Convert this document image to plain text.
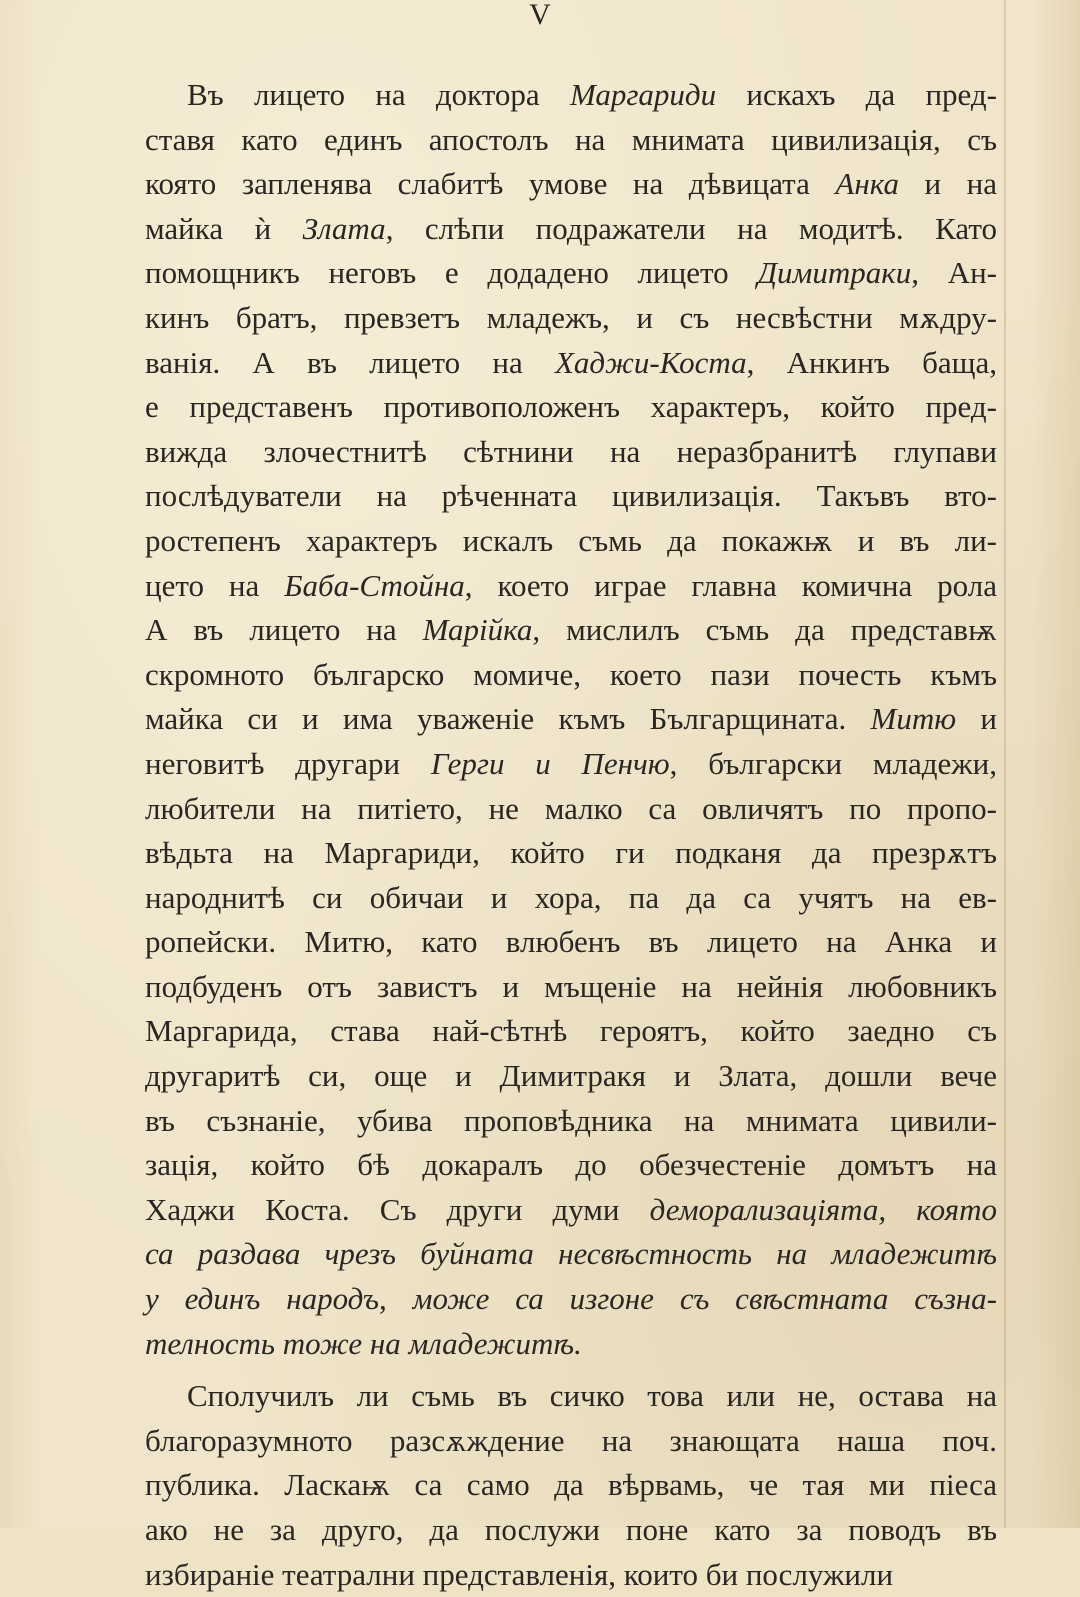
V
Въ лицето на доктора Маргариди искахъ да пред-
ставя като единъ апостолъ на мнимата цивилизація, съ
която запленява слабитѣ умове на дѣвицата Анка и на
майка ѝ Злата, слѣпи подражатели на модитѣ. Като
помощникъ неговъ е додадено лицето Димитраки, Ан-
кинъ братъ, превзетъ младежъ, и съ несвѣстни мѫдру-
ванія. А въ лицето на Хаджи-Коста, Анкинъ баща,
е представенъ противоположенъ характеръ, който пред-
вижда злочестнитѣ сѣтнини на неразбранитѣ глупави
послѣдуватели на рѣченната цивилизація. Такъвъ вто-
ростепенъ характеръ искалъ съмь да покажѭ и въ ли-
цето на Баба-Стойна, което играе главна комична рола
А въ лицето на Марійка, мислилъ съмь да представѭ
скромното българско момиче, което пази почесть къмъ
майка си и има уваженіе къмъ Българщината. Митю и
неговитѣ другари Герги и Пенчю, български младежи,
любители на питіето, не малко са овличятъ по пропо-
вѣдьта на Маргариди, който ги подканя да презрѫтъ
народнитѣ си обичаи и хора, па да са учятъ на ев-
ропейски. Митю, като влюбенъ въ лицето на Анка и
подбуденъ отъ завистъ и мъщеніе на нейнія любовникъ
Маргарида, става най-сѣтнѣ героятъ, който заедно съ
другаритѣ си, още и Димитракя и Злата, дошли вече
въ съзнаніе, убива проповѣдника на мнимата цивили-
зація, който бѣ докаралъ до обезчестеніе домътъ на
Хаджи Коста. Съ други думи деморализаціята, която
са раздава чрезъ буйната несвѣстность на младежитѣ
у единъ народъ, може са изгоне съ свѣстната съзна-
телность тоже на младежитѣ.
Сполучилъ ли съмь въ сичко това или не, остава на
благоразумното разсѫждение на знающата наша поч.
публика. Ласкаѭ са само да вѣрвамь, че тая ми піеса
ако не за друго, да послужи поне като за поводъ въ
избираніе театрални представленія, които би послужили
